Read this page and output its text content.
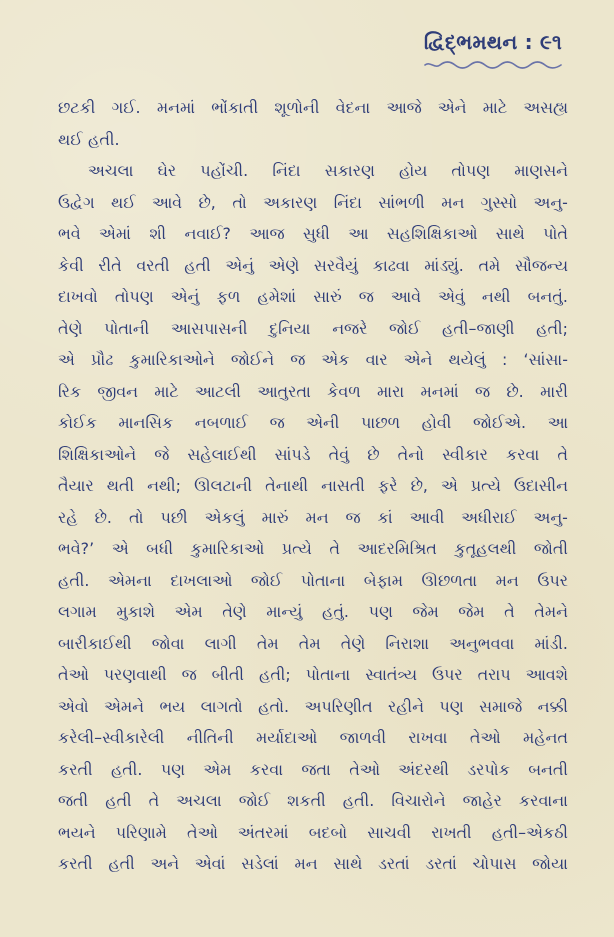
દ્વિદ્ભમથન : ૯૧
છટકી ગઈ. મનમાં ભોંકાતી શૂળોની વેદના આજે એને માટે અસહ્ય
થઈ હતી.
અચલા ઘેર પહોંચી. નિંદા સકારણ હોય તોપણ માણસને
ઉદ્વેગ થઈ આવે છે, તો અકારણ નિંદા સાંભળી મન ગુસ્સો અનુ-
ભવે એમાં શી નવાઈ? આજ સુધી આ સહશિક્ષિકાઓ સાથે પોતે
કેવી રીતે વરતી હતી એનું એણે સરવૈયું કાઢવા માંડ્યું. તમે સૌજન્ય
દાખવો તોપણ એનું ફળ હમેશાં સારું જ આવે એવું નથી બનતું.
તેણે પોતાની આસપાસની દુનિયા નજરે જોઈ હતી–જાણી હતી;
એ પ્રૌઢ કુમારિકાઓને જોઈને જ એક વાર એને થયેલું : ‘સાંસા-
રિક જીવન માટે આટલી આતુરતા કેવળ મારા મનમાં જ છે. મારી
કોઈક માનસિક નબળાઈ જ એની પાછળ હોવી જોઈએ. આ
શિક્ષિકાઓને જે સહેલાઈથી સાંપડે તેવું છે તેનો સ્વીકાર કરવા તે
તૈયાર થતી નથી; ઊલટાની તેનાથી નાસતી ફરે છે, એ પ્રત્યે ઉદાસીન
રહે છે. તો પછી એકલું મારું મન જ કાં આવી અધીરાઈ અનુ-
ભવે?’ એ બધી કુમારિકાઓ પ્રત્યે તે આદરમિશ્રિત કુતૂહલથી જોતી
હતી. એમના દાખલાઓ જોઈ પોતાના બેફામ ઊછળતા મન ઉપર
લગામ મુકાશે એમ તેણે માન્યું હતું. પણ જેમ જેમ તે તેમને
બારીકાઈથી જોવા લાગી તેમ તેમ તેણે નિરાશા અનુભવવા માંડી.
તેઓ પરણવાથી જ બીતી હતી; પોતાના સ્વાતંત્ર્ય ઉપર તરાપ આવશે
એવો એમને ભય લાગતો હતો. અપરિણીત રહીને પણ સમાજે નક્કી
કરેલી–સ્વીકારેલી નીતિની મર્યાદાઓ જાળવી રાખવા તેઓ મહેનત
કરતી હતી. પણ એમ કરવા જતા તેઓ અંદરથી ડરપોક બનતી
જતી હતી તે અચલા જોઈ શકતી હતી. વિચારોને જાહેર કરવાના
ભયને પરિણામે તેઓ અંતરમાં બદબો સાચવી રાખતી હતી–એકઠી
કરતી હતી અને એવાં સડેલાં મન સાથે ડરતાં ડરતાં ચોપાસ જોયા
